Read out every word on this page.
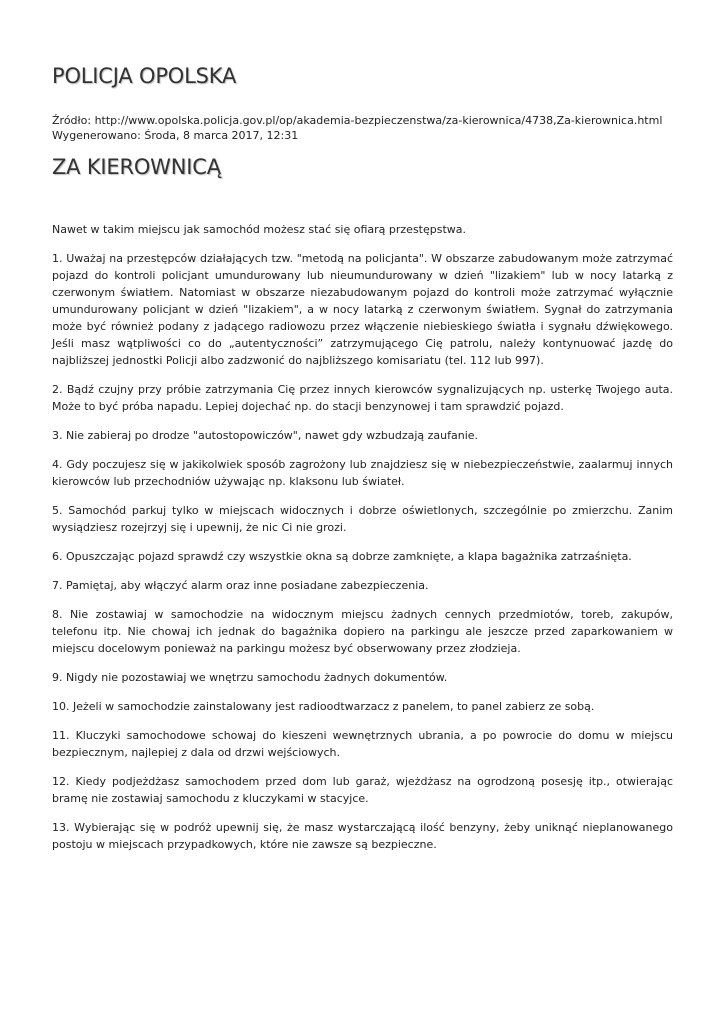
POLICJA OPOLSKA
Źródło: http://www.opolska.policja.gov.pl/op/akademia-bezpieczenstwa/za-kierownica/4738,Za-kierownica.html
Wygenerowano: Środa, 8 marca 2017, 12:31
ZA KIEROWNICĄ

Nawet w takim miejscu jak samochód możesz stać się ofiarą przestępstwa.

1. Uważaj na przestępców działających tzw. "metodą na policjanta". W obszarze zabudowanym może zatrzymać pojazd do kontroli policjant umundurowany lub nieumundurowany w dzień "lizakiem" lub w nocy latarką z czerwonym światłem. Natomiast w obszarze niezabudowanym pojazd do kontroli może zatrzymać wyłącznie umundurowany policjant w dzień "lizakiem", a w nocy latarką z czerwonym światłem. Sygnał do zatrzymania może być również podany z jadącego radiowozu przez włączenie niebieskiego światła i sygnału dźwiękowego. Jeśli masz wątpliwości co do „autentyczności” zatrzymującego Cię patrolu, należy kontynuować jazdę do najbliższej jednostki Policji albo zadzwonić do najbliższego komisariatu (tel. 112 lub 997).

2. Bądź czujny przy próbie zatrzymania Cię przez innych kierowców sygnalizujących np. usterkę Twojego auta. Może to być próba napadu. Lepiej dojechać np. do stacji benzynowej i tam sprawdzić pojazd.

3. Nie zabieraj po drodze "autostopowiczów", nawet gdy wzbudzają zaufanie.

4. Gdy poczujesz się w jakikolwiek sposób zagrożony lub znajdziesz się w niebezpieczeństwie, zaalarmuj innych kierowców lub przechodniów używając np. klaksonu lub świateł.

5. Samochód parkuj tylko w miejscach widocznych i dobrze oświetlonych, szczególnie po zmierzchu. Zanim wysiądziesz rozejrzyj się i upewnij, że nic Ci nie grozi.

6. Opuszczając pojazd sprawdź czy wszystkie okna są dobrze zamknięte, a klapa bagażnika zatrzaśnięta.

7. Pamiętaj, aby włączyć alarm oraz inne posiadane zabezpieczenia.

8. Nie zostawiaj w samochodzie na widocznym miejscu żadnych cennych przedmiotów, toreb, zakupów, telefonu itp. Nie chowaj ich jednak do bagażnika dopiero na parkingu ale jeszcze przed zaparkowaniem w miejscu docelowym ponieważ na parkingu możesz być obserwowany przez złodzieja.

9. Nigdy nie pozostawiaj we wnętrzu samochodu żadnych dokumentów.

10. Jeżeli w samochodzie zainstalowany jest radioodtwarzacz z panelem, to panel zabierz ze sobą.

11. Kluczyki samochodowe schowaj do kieszeni wewnętrznych ubrania, a po powrocie do domu w miejscu bezpiecznym, najlepiej z dala od drzwi wejściowych.

12. Kiedy podjeżdżasz samochodem przed dom lub garaż, wjeżdżasz na ogrodzoną posesję itp., otwierając bramę nie zostawiaj samochodu z kluczykami w stacyjce.

13. Wybierając się w podróż upewnij się, że masz wystarczającą ilość benzyny, żeby uniknąć nieplanowanego postoju w miejscach przypadkowych, które nie zawsze są bezpieczne.
